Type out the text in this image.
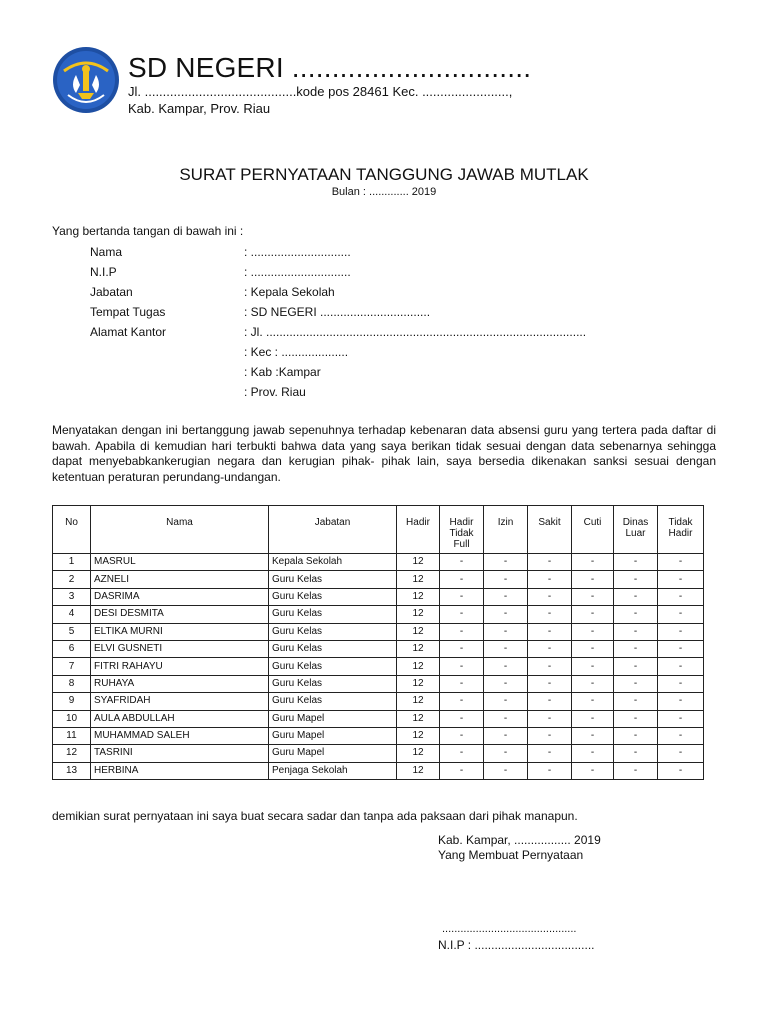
SD NEGERI ..............................
Jl. ..........................................kode pos 28461 Kec. ........................,
Kab. Kampar, Prov. Riau
SURAT PERNYATAAN TANGGUNG JAWAB MUTLAK
Bulan : ............. 2019
Yang bertanda tangan di bawah ini :
Nama	: ..............................
N.I.P	: ..............................
Jabatan	: Kepala Sekolah
Tempat Tugas	: SD NEGERI .................................
Alamat Kantor	: Jl. ................................................................................................
: Kec : ....................
: Kab :Kampar
: Prov. Riau
Menyatakan dengan ini bertanggung jawab sepenuhnya terhadap kebenaran data absensi guru yang tertera pada daftar di bawah. Apabila di kemudian hari terbukti bahwa data yang saya berikan tidak sesuai dengan data sebenarnya sehingga dapat menyebabkankerugian negara dan kerugian pihak- pihak lain, saya bersedia dikenakan sanksi sesuai dengan ketentuan peraturan perundang-undangan.
No	Nama	Jabatan	Hadir	Hadir Tidak Full	Izin	Sakit	Cuti	Dinas Luar	Tidak Hadir
1	MASRUL	Kepala Sekolah	12	-	-	-	-	-	-
2	AZNELI	Guru Kelas	12	-	-	-	-	-	-
3	DASRIMA	Guru Kelas	12	-	-	-	-	-	-
4	DESI DESMITA	Guru Kelas	12	-	-	-	-	-	-
5	ELTIKA MURNI	Guru Kelas	12	-	-	-	-	-	-
6	ELVI GUSNETI	Guru Kelas	12	-	-	-	-	-	-
7	FITRI RAHAYU	Guru Kelas	12	-	-	-	-	-	-
8	RUHAYA	Guru Kelas	12	-	-	-	-	-	-
9	SYAFRIDAH	Guru Kelas	12	-	-	-	-	-	-
10	AULA ABDULLAH	Guru Mapel	12	-	-	-	-	-	-
11	MUHAMMAD SALEH	Guru Mapel	12	-	-	-	-	-	-
12	TASRINI	Guru Mapel	12	-	-	-	-	-	-
13	HERBINA	Penjaga Sekolah	12	-	-	-	-	-	-
demikian surat pernyataan ini saya buat secara sadar dan tanpa ada paksaan dari pihak manapun.
Kab. Kampar, ................. 2019
Yang Membuat Pernyataan
............................................
N.I.P : ....................................
